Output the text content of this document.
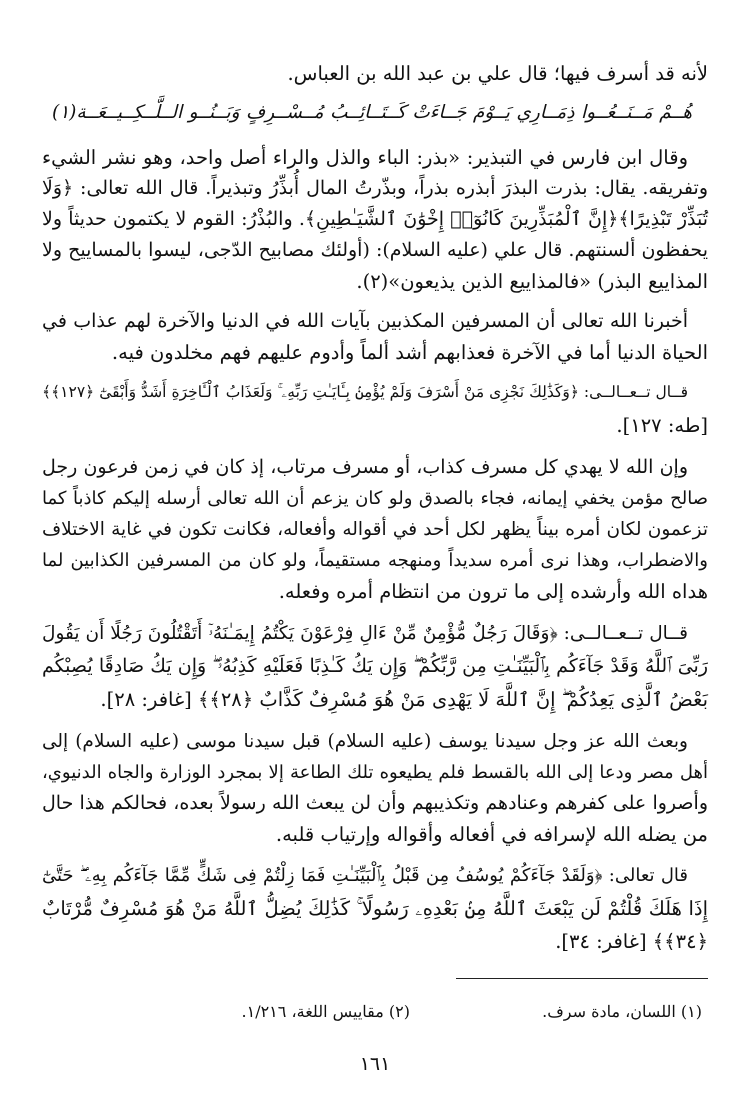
لأنه قد أسرف فيها؛ قال علي بن عبد الله بن العباس.
هُــمْ مَــنَــعُــوا ذِمَــارِي يَــوْمَ جَــاءَتْ كَــتَــائِــبُ مُــسْــرِفٍ وَبَــنُــو الــلَّــكِــيــعَــة(١)
وقال ابن فارس في التبذير: «بذر: الباء والذل والراء أصل واحد، وهو نشر الشيء
وتفريقه. يقال: بذرت البذرَ أبذره بذراً، وبذّرتُ المال أُبذِّرُ وتبذيراً. قال الله تعالى: ﴿وَلَا
تُبَذِّرْ تَبْذِيرًا﴾﴿إِنَّ ٱلْمُبَذِّرِينَ كَانُوٓا۟ إِخْوَٰنَ ٱلشَّيَـٰطِينِ﴾. والبُذْرُ: القوم لا يكتمون حديثاً ولا
يحفظون ألسنتهم. قال علي (عليه السلام): (أولئك مصابيح الدّجى، ليسوا بالمساييح ولا
المذاييع البذر) «فالمذاييع الذين يذيعون»(٢).
أخبرنا الله تعالى أن المسرفين المكذبين بآيات الله في الدنيا والآخرة لهم عذاب في
الحياة الدنيا أما في الآخرة فعذابهم أشد ألماً وأدوم عليهم فهم مخلدون فيه.
قــال تــعــالــى: ﴿وَكَذَٰلِكَ نَجْزِى مَنْ أَسْرَفَ وَلَمْ يُؤْمِنۢ بِـَٔايَـٰتِ رَبِّهِۦ ۚ وَلَعَذَابُ ٱلْـَٔاخِرَةِ أَشَدُّ وَأَبْقَىٰٓ ﴿١٢٧﴾﴾
[طه: ١٢٧].
وإن الله لا يهدي كل مسرف كذاب، أو مسرف مرتاب، إذ كان في زمن فرعون رجل
صالح مؤمن يخفي إيمانه، فجاء بالصدق ولو كان يزعم أن الله تعالى أرسله إليكم كاذباً كما
تزعمون لكان أمره بيناً يظهر لكل أحد في أقواله وأفعاله، فكانت تكون في غاية الاختلاف
والاضطراب، وهذا نرى أمره سديداً ومنهجه مستقيماً، ولو كان من المسرفين الكذابين لما
هداه الله وأرشده إلى ما ترون من انتظام أمره وفعله.
قــال تــعــالــى: ﴿وَقَالَ رَجُلٌ مُّؤْمِنٌ مِّنْ ءَالِ فِرْعَوْنَ يَكْتُمُ إِيمَـٰنَهُۥٓ أَتَقْتُلُونَ رَجُلًا أَن يَقُولَ
رَبِّىَ ٱللَّهُ وَقَدْ جَآءَكُم بِٱلْبَيِّنَـٰتِ مِن رَّبِّكُمْ ۖ وَإِن يَكُ كَـٰذِبًا فَعَلَيْهِ كَذِبُهُۥ ۖ وَإِن يَكُ صَادِقًا يُصِبْكُم
بَعْضُ ٱلَّذِى يَعِدُكُمْ ۖ إِنَّ ٱللَّهَ لَا يَهْدِى مَنْ هُوَ مُسْرِفٌ كَذَّابٌ ﴿٢٨﴾﴾ [غافر: ٢٨].
وبعث الله عز وجل سيدنا يوسف (عليه السلام) قبل سيدنا موسى (عليه السلام) إلى
أهل مصر ودعا إلى الله بالقسط فلم يطيعوه تلك الطاعة إلا بمجرد الوزارة والجاه الدنيوي،
وأصروا على كفرهم وعنادهم وتكذيبهم وأن لن يبعث الله رسولاً بعده، فحالكم هذا حال
من يضله الله لإسرافه في أفعاله وأقواله وإرتياب قلبه.
قال تعالى: ﴿وَلَقَدْ جَآءَكُمْ يُوسُفُ مِن قَبْلُ بِٱلْبَيِّنَـٰتِ فَمَا زِلْتُمْ فِى شَكٍّ مِّمَّا جَآءَكُم بِهِۦ ۖ حَتَّىٰٓ
إِذَا هَلَكَ قُلْتُمْ لَن يَبْعَثَ ٱللَّهُ مِنۢ بَعْدِهِۦ رَسُولًا ۚ كَذَٰلِكَ يُضِلُّ ٱللَّهُ مَنْ هُوَ مُسْرِفٌ مُّرْتَابٌ
﴿٣٤﴾﴾ [غافر: ٣٤].
(١) اللسان، مادة سرف.
(٢) مقاييس اللغة، ١/٢١٦.
١٦١
